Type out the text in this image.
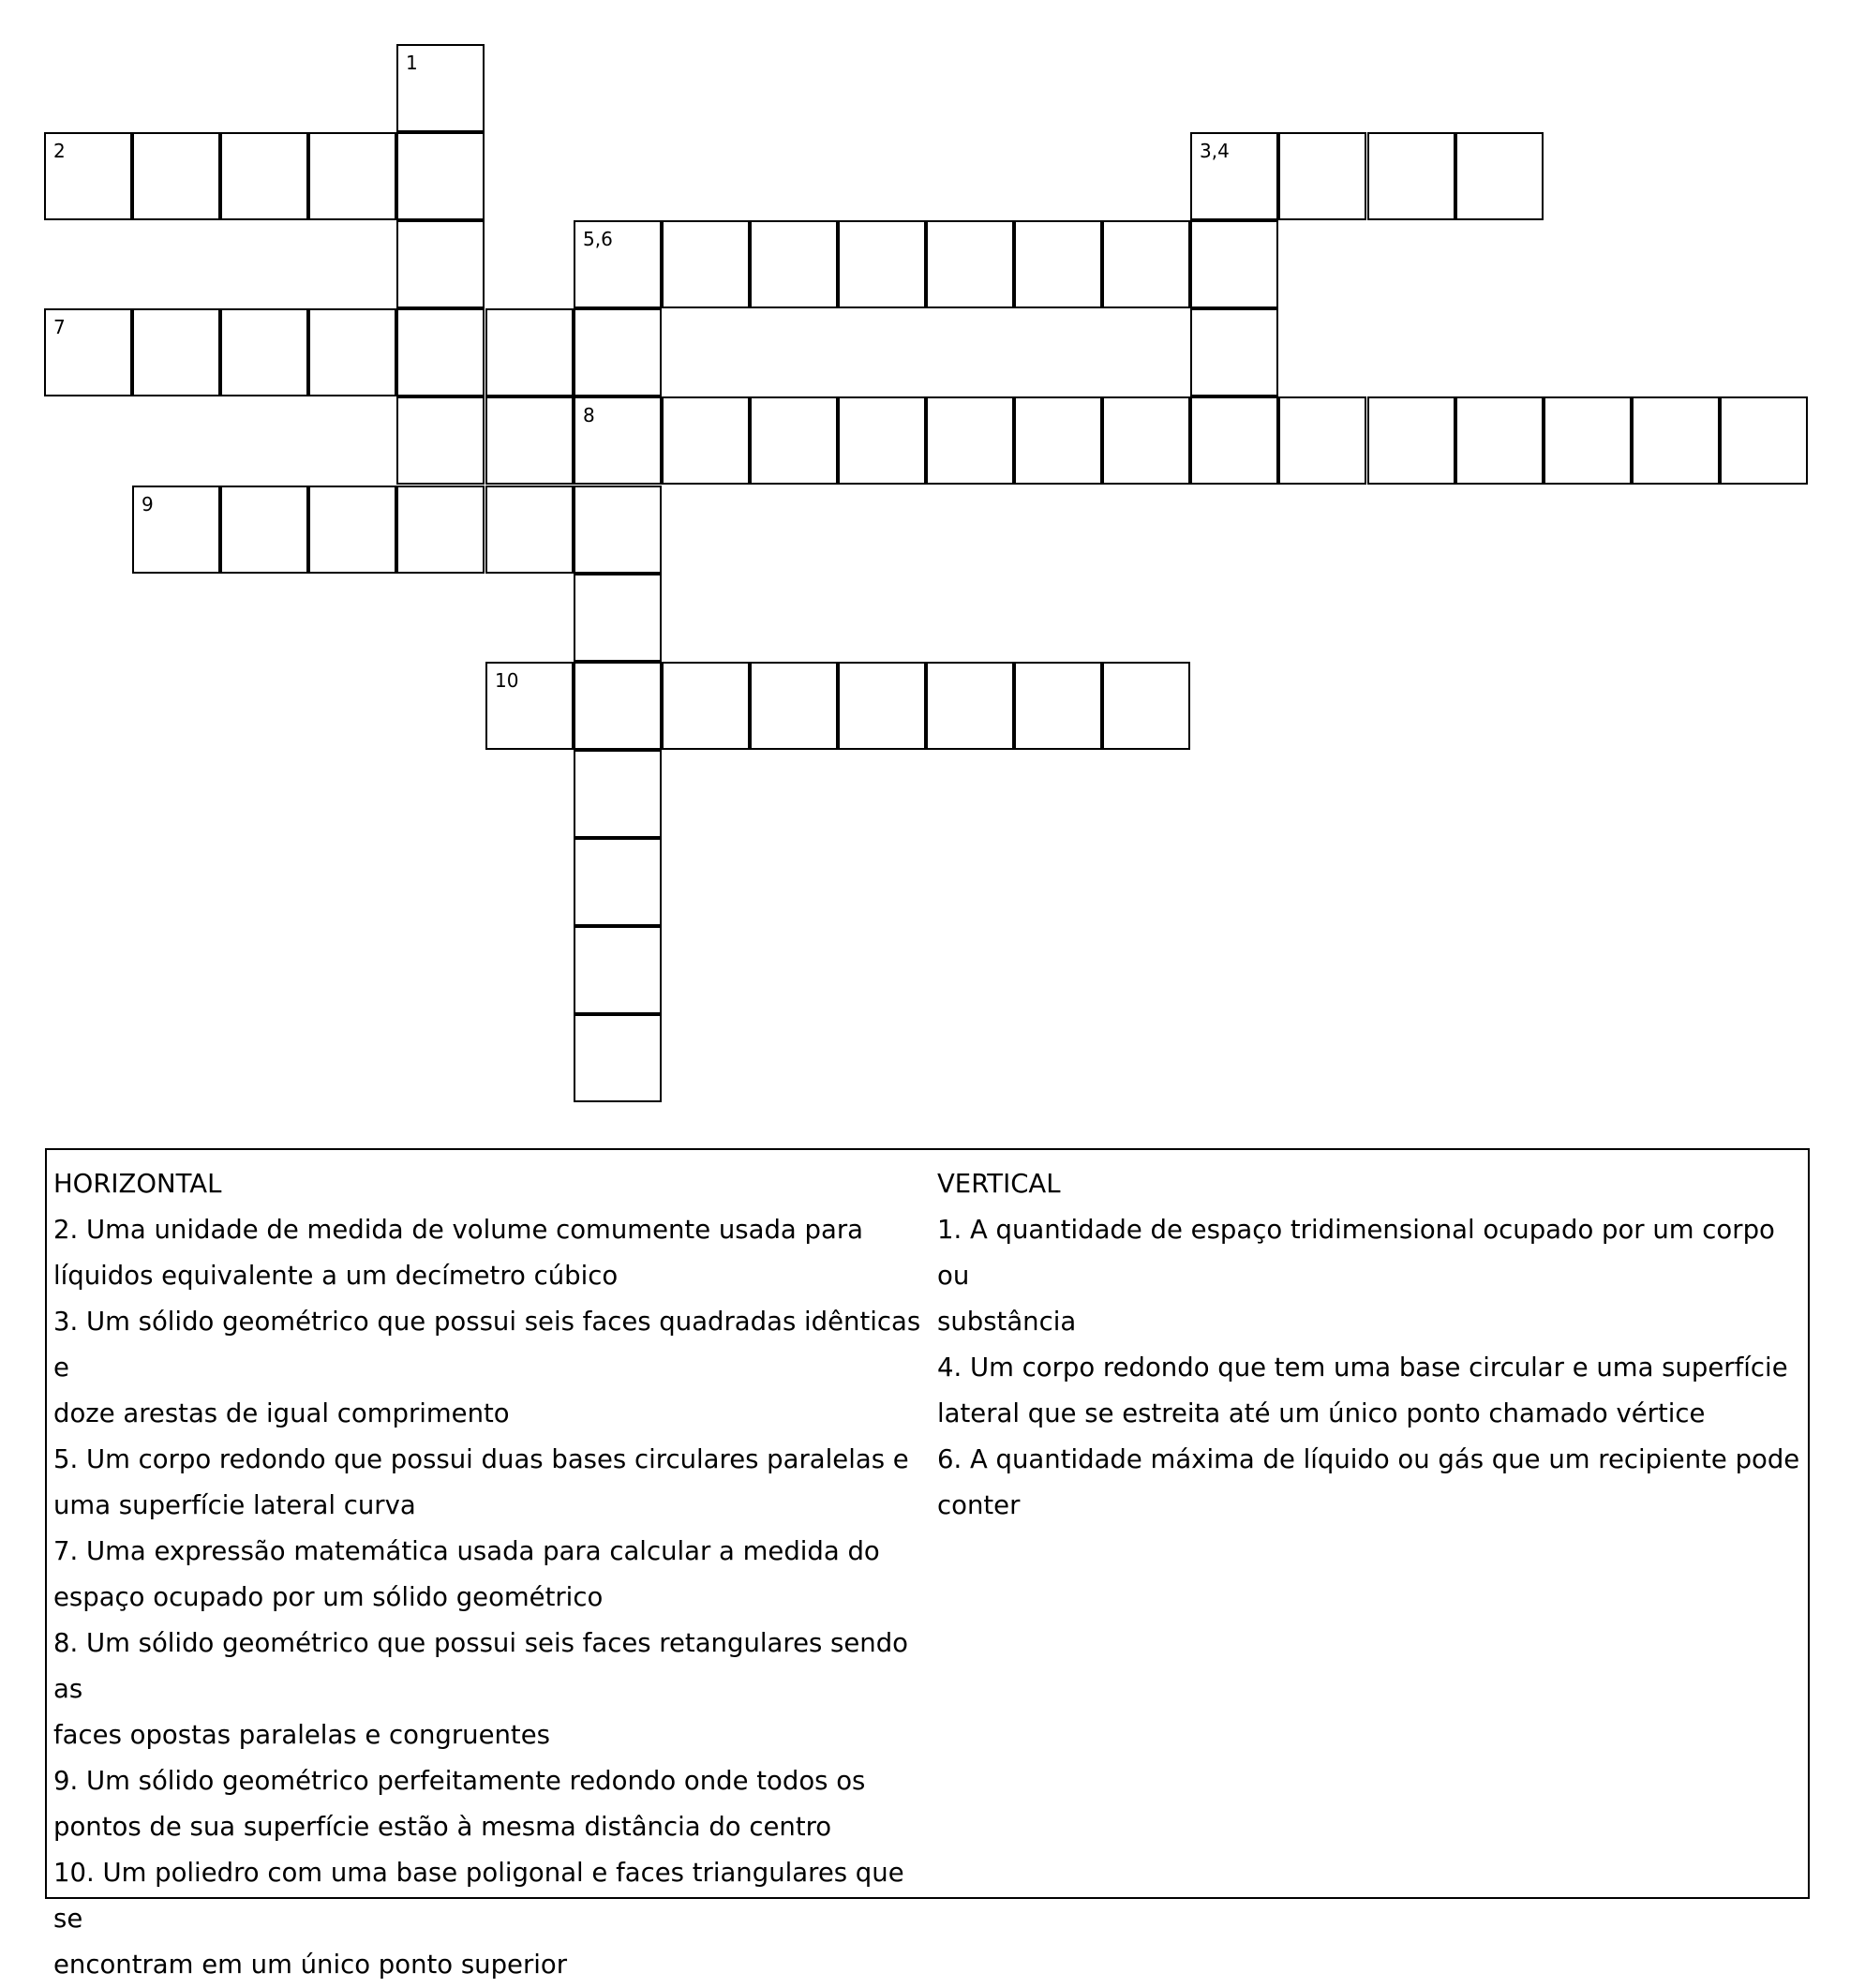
1
2	3,4
5,6
7
8
9
10
HORIZONTAL
2. Uma unidade de medida de volume comumente usada para
líquidos equivalente a um decímetro cúbico
3. Um sólido geométrico que possui seis faces quadradas idênticas e
doze arestas de igual comprimento
5. Um corpo redondo que possui duas bases circulares paralelas e
uma superfície lateral curva
7. Uma expressão matemática usada para calcular a medida do
espaço ocupado por um sólido geométrico
8. Um sólido geométrico que possui seis faces retangulares sendo as
faces opostas paralelas e congruentes
9. Um sólido geométrico perfeitamente redondo onde todos os
pontos de sua superfície estão à mesma distância do centro
10. Um poliedro com uma base poligonal e faces triangulares que se
encontram em um único ponto superior
VERTICAL
1. A quantidade de espaço tridimensional ocupado por um corpo ou
substância
4. Um corpo redondo que tem uma base circular e uma superfície
lateral que se estreita até um único ponto chamado vértice
6. A quantidade máxima de líquido ou gás que um recipiente pode
conter
